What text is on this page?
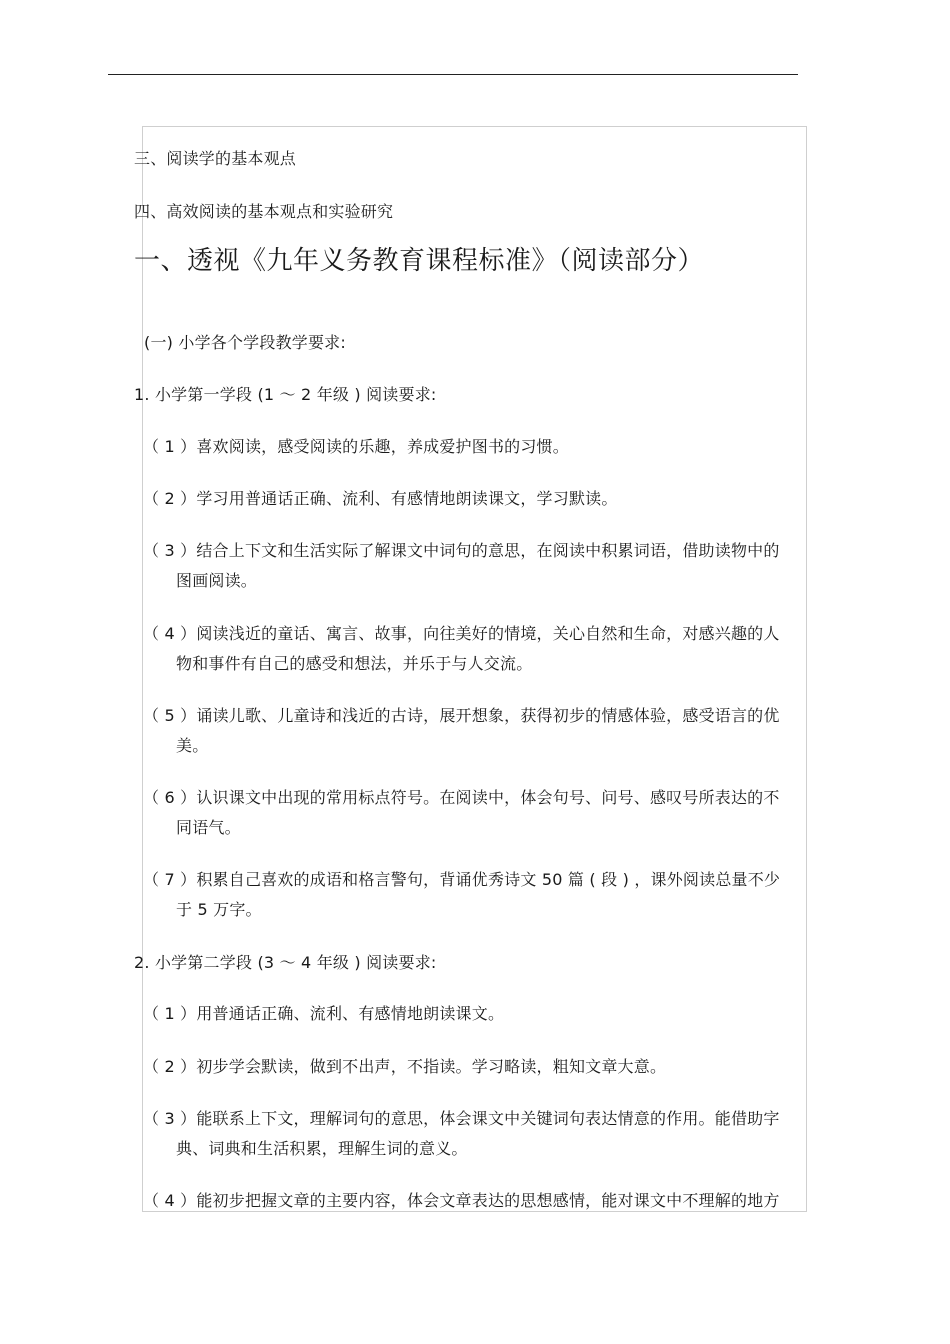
三、阅读学的基本观点
四、高效阅读的基本观点和实验研究
一、透视《九年义务教育课程标准》（阅读部分）
(一) 小学各个学段教学要求:
1. 小学第一学段 (1 ～ 2 年级 ) 阅读要求:
（ 1 ）喜欢阅读，感受阅读的乐趣，养成爱护图书的习惯。
（ 2 ）学习用普通话正确、流利、有感情地朗读课文，学习默读。
（ 3 ）结合上下文和生活实际了解课文中词句的意思，在阅读中积累词语，借助读物中的
图画阅读。
（ 4 ）阅读浅近的童话、寓言、故事，向往美好的情境，关心自然和生命，对感兴趣的人
物和事件有自己的感受和想法，并乐于与人交流。
（ 5 ）诵读儿歌、儿童诗和浅近的古诗，展开想象，获得初步的情感体验，感受语言的优
美。
（ 6 ）认识课文中出现的常用标点符号。在阅读中，体会句号、问号、感叹号所表达的不
同语气。
（ 7 ）积累自己喜欢的成语和格言警句，背诵优秀诗文 50 篇 ( 段 ) ，课外阅读总量不少
于 5 万字。
2. 小学第二学段 (3 ～ 4 年级 ) 阅读要求:
（ 1 ）用普通话正确、流利、有感情地朗读课文。
（ 2 ）初步学会默读，做到不出声，不指读。学习略读，粗知文章大意。
（ 3 ）能联系上下文，理解词句的意思，体会课文中关键词句表达情意的作用。能借助字
典、词典和生活积累，理解生词的意义。
（ 4 ）能初步把握文章的主要内容，体会文章表达的思想感情，能对课文中不理解的地方
